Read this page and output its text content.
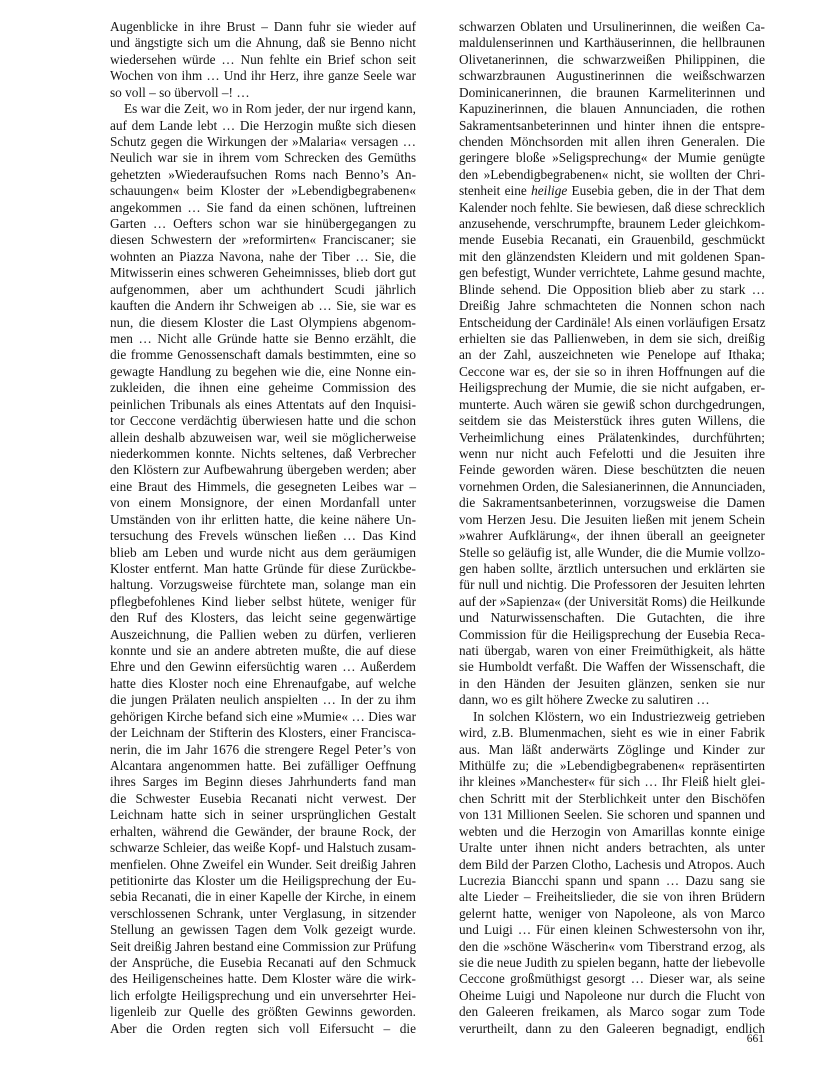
Augenblicke in ihre Brust – Dann fuhr sie wieder auf
und ängstigte sich um die Ahnung, daß sie Benno nicht
wiedersehen würde … Nun fehlte ein Brief schon seit
Wochen von ihm … Und ihr Herz, ihre ganze Seele war
so voll – so übervoll –! …
Es war die Zeit, wo in Rom jeder, der nur irgend kann,
auf dem Lande lebt … Die Herzogin mußte sich diesen
Schutz gegen die Wirkungen der »Malaria« versagen …
Neulich war sie in ihrem vom Schrecken des Gemüths
gehetzten »Wiederaufsuchen Roms nach Benno’s An-
schauungen« beim Kloster der »Lebendigbegrabenen«
angekommen … Sie fand da einen schönen, luftreinen
Garten … Oefters schon war sie hinübergegangen zu
diesen Schwestern der »reformirten« Franciscaner; sie
wohnten an Piazza Navona, nahe der Tiber … Sie, die
Mitwisserin eines schweren Geheimnisses, blieb dort gut
aufgenommen, aber um achthundert Scudi jährlich
kauften die Andern ihr Schweigen ab … Sie, sie war es
nun, die diesem Kloster die Last Olympiens abgenom-
men … Nicht alle Gründe hatte sie Benno erzählt, die
die fromme Genossenschaft damals bestimmten, eine so
gewagte Handlung zu begehen wie die, eine Nonne ein-
zukleiden, die ihnen eine geheime Commission des
peinlichen Tribunals als eines Attentats auf den Inquisi-
tor Ceccone verdächtig überwiesen hatte und die schon
allein deshalb abzuweisen war, weil sie möglicherweise
niederkommen konnte. Nichts seltenes, daß Verbrecher
den Klöstern zur Aufbewahrung übergeben werden; aber
eine Braut des Himmels, die gesegneten Leibes war –
von einem Monsignore, der einen Mordanfall unter
Umständen von ihr erlitten hatte, die keine nähere Un-
tersuchung des Frevels wünschen ließen … Das Kind
blieb am Leben und wurde nicht aus dem geräumigen
Kloster entfernt. Man hatte Gründe für diese Zurückbe-
haltung. Vorzugsweise fürchtete man, solange man ein
pflegbefohlenes Kind lieber selbst hütete, weniger für
den Ruf des Klosters, das leicht seine gegenwärtige
Auszeichnung, die Pallien weben zu dürfen, verlieren
konnte und sie an andere abtreten mußte, die auf diese
Ehre und den Gewinn eifersüchtig waren … Außerdem
hatte dies Kloster noch eine Ehrenaufgabe, auf welche
die jungen Prälaten neulich anspielten … In der zu ihm
gehörigen Kirche befand sich eine »Mumie« … Dies war
der Leichnam der Stifterin des Klosters, einer Francisca-
nerin, die im Jahr 1676 die strengere Regel Peter’s von
Alcantara angenommen hatte. Bei zufälliger Oeffnung
ihres Sarges im Beginn dieses Jahrhunderts fand man
die Schwester Eusebia Recanati nicht verwest. Der
Leichnam hatte sich in seiner ursprünglichen Gestalt
erhalten, während die Gewänder, der braune Rock, der
schwarze Schleier, das weiße Kopf- und Halstuch zusam-
menfielen. Ohne Zweifel ein Wunder. Seit dreißig Jahren
petitionirte das Kloster um die Heiligsprechung der Eu-
sebia Recanati, die in einer Kapelle der Kirche, in einem
verschlossenen Schrank, unter Verglasung, in sitzender
Stellung an gewissen Tagen dem Volk gezeigt wurde.
Seit dreißig Jahren bestand eine Commission zur Prüfung
der Ansprüche, die Eusebia Recanati auf den Schmuck
des Heiligenscheines hatte. Dem Kloster wäre die wirk-
lich erfolgte Heiligsprechung und ein unversehrter Hei-
ligenleib zur Quelle des größten Gewinns geworden.
Aber die Orden regten sich voll Eifersucht – die
schwarzen Oblaten und Ursulinerinnen, die weißen Ca-
maldulenserinnen und Karthäuserinnen, die hellbraunen
Olivetanerinnen, die schwarzweißen Philippinen, die
schwarzbraunen Augustinerinnen die weißschwarzen
Dominicanerinnen, die braunen Karmeliterinnen und
Kapuzinerinnen, die blauen Annunciaden, die rothen
Sakramentsanbeterinnen und hinter ihnen die entspre-
chenden Mönchsorden mit allen ihren Generalen. Die
geringere bloße »Seligsprechung« der Mumie genügte
den »Lebendigbegrabenen« nicht, sie wollten der Chri-
stenheit eine heilige Eusebia geben, die in der That dem
Kalender noch fehlte. Sie bewiesen, daß diese schrecklich
anzusehende, verschrumpfte, braunem Leder gleichkom-
mende Eusebia Recanati, ein Grauenbild, geschmückt
mit den glänzendsten Kleidern und mit goldenen Span-
gen befestigt, Wunder verrichtete, Lahme gesund machte,
Blinde sehend. Die Opposition blieb aber zu stark …
Dreißig Jahre schmachteten die Nonnen schon nach
Entscheidung der Cardinäle! Als einen vorläufigen Ersatz
erhielten sie das Pallienweben, in dem sie sich, dreißig
an der Zahl, auszeichneten wie Penelope auf Ithaka;
Ceccone war es, der sie so in ihren Hoffnungen auf die
Heiligsprechung der Mumie, die sie nicht aufgaben, er-
munterte. Auch wären sie gewiß schon durchgedrungen,
seitdem sie das Meisterstück ihres guten Willens, die
Verheimlichung eines Prälatenkindes, durchführten;
wenn nur nicht auch Fefelotti und die Jesuiten ihre
Feinde geworden wären. Diese beschützten die neuen
vornehmen Orden, die Salesianerinnen, die Annunciaden,
die Sakramentsanbeterinnen, vorzugsweise die Damen
vom Herzen Jesu. Die Jesuiten ließen mit jenem Schein
»wahrer Aufklärung«, der ihnen überall an geeigneter
Stelle so geläufig ist, alle Wunder, die die Mumie vollzo-
gen haben sollte, ärztlich untersuchen und erklärten sie
für null und nichtig. Die Professoren der Jesuiten lehrten
auf der »Sapienza« (der Universität Roms) die Heilkunde
und Naturwissenschaften. Die Gutachten, die ihre
Commission für die Heiligsprechung der Eusebia Reca-
nati übergab, waren von einer Freimüthigkeit, als hätte
sie Humboldt verfaßt. Die Waffen der Wissenschaft, die
in den Händen der Jesuiten glänzen, senken sie nur
dann, wo es gilt höhere Zwecke zu salutiren …
In solchen Klöstern, wo ein Industriezweig getrieben
wird, z.B. Blumenmachen, sieht es wie in einer Fabrik
aus. Man läßt anderwärts Zöglinge und Kinder zur
Mithülfe zu; die »Lebendigbegrabenen« repräsentirten
ihr kleines »Manchester« für sich … Ihr Fleiß hielt glei-
chen Schritt mit der Sterblichkeit unter den Bischöfen
von 131 Millionen Seelen. Sie schoren und spannen und
webten und die Herzogin von Amarillas konnte einige
Uralte unter ihnen nicht anders betrachten, als unter
dem Bild der Parzen Clotho, Lachesis und Atropos. Auch
Lucrezia Biancchi spann und spann … Dazu sang sie
alte Lieder – Freiheitslieder, die sie von ihren Brüdern
gelernt hatte, weniger von Napoleone, als von Marco
und Luigi … Für einen kleinen Schwestersohn von ihr,
den die »schöne Wäscherin« vom Tiberstrand erzog, als
sie die neue Judith zu spielen begann, hatte der liebevolle
Ceccone großmüthigst gesorgt … Dieser war, als seine
Oheime Luigi und Napoleone nur durch die Flucht von
den Galeeren freikamen, als Marco sogar zum Tode
verurtheilt, dann zu den Galeeren begnadigt, endlich
661
